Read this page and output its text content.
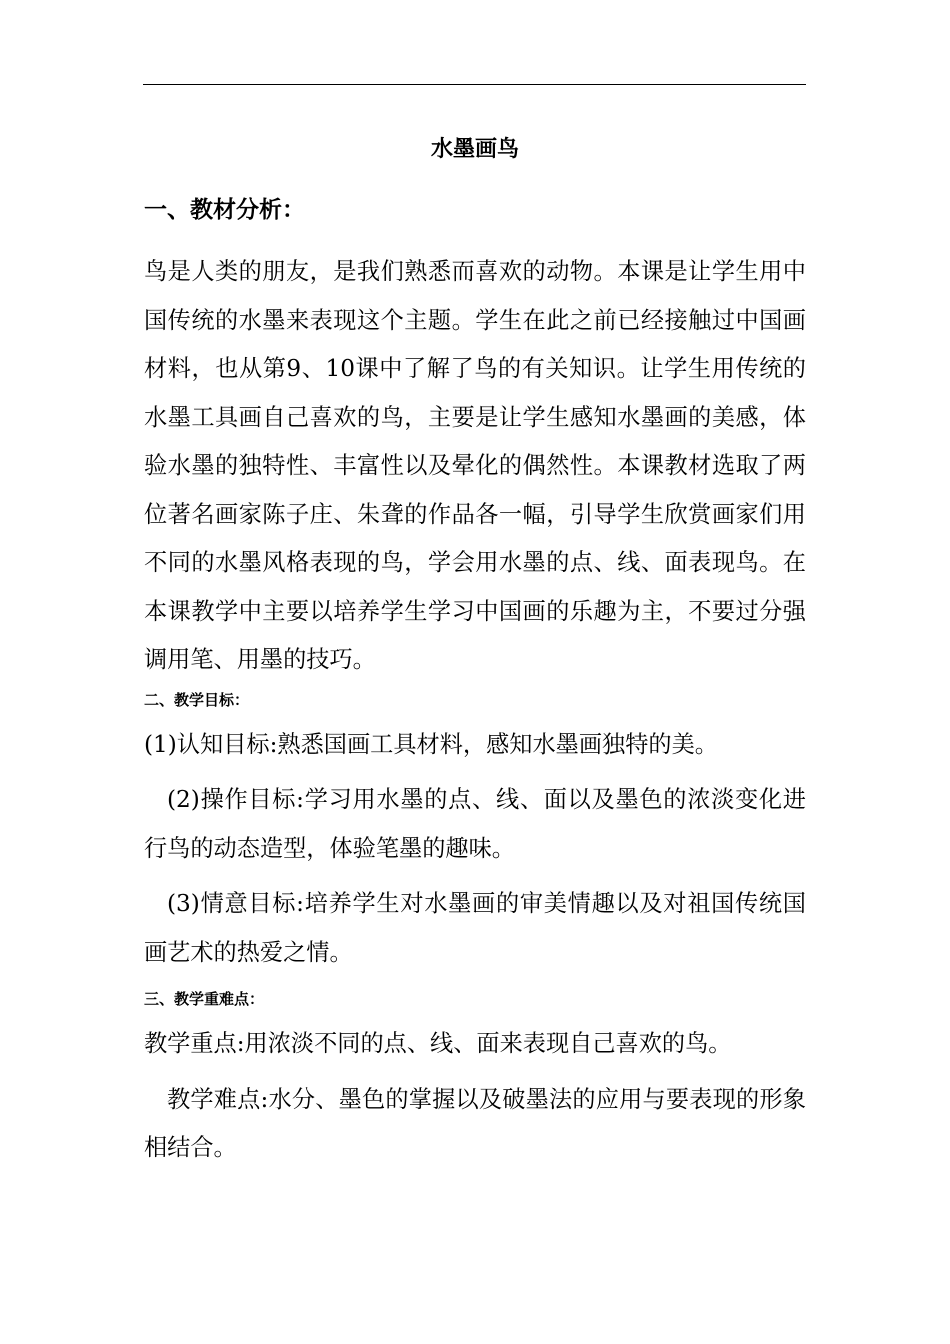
水墨画鸟
一、教材分析：

鸟是人类的朋友，是我们熟悉而喜欢的动物。本课是让学生用中国传统的水墨来表现这个主题。学生在此之前已经接触过中国画材料，也从第9、10课中了解了鸟的有关知识。让学生用传统的水墨工具画自己喜欢的鸟，主要是让学生感知水墨画的美感，体验水墨的独特性、丰富性以及晕化的偶然性。本课教材选取了两位著名画家陈子庄、朱聋的作品各一幅，引导学生欣赏画家们用不同的水墨风格表现的鸟，学会用水墨的点、线、面表现鸟。在本课教学中主要以培养学生学习中国画的乐趣为主，不要过分强调用笔、用墨的技巧。

二、教学目标：

(1)认知目标:熟悉国画工具材料，感知水墨画独特的美。

(2)操作目标:学习用水墨的点、线、面以及墨色的浓淡变化进行鸟的动态造型，体验笔墨的趣味。

(3)情意目标:培养学生对水墨画的审美情趣以及对祖国传统国画艺术的热爱之情。

三、教学重难点：

教学重点:用浓淡不同的点、线、面来表现自己喜欢的鸟。

教学难点:水分、墨色的掌握以及破墨法的应用与要表现的形象相结合。
